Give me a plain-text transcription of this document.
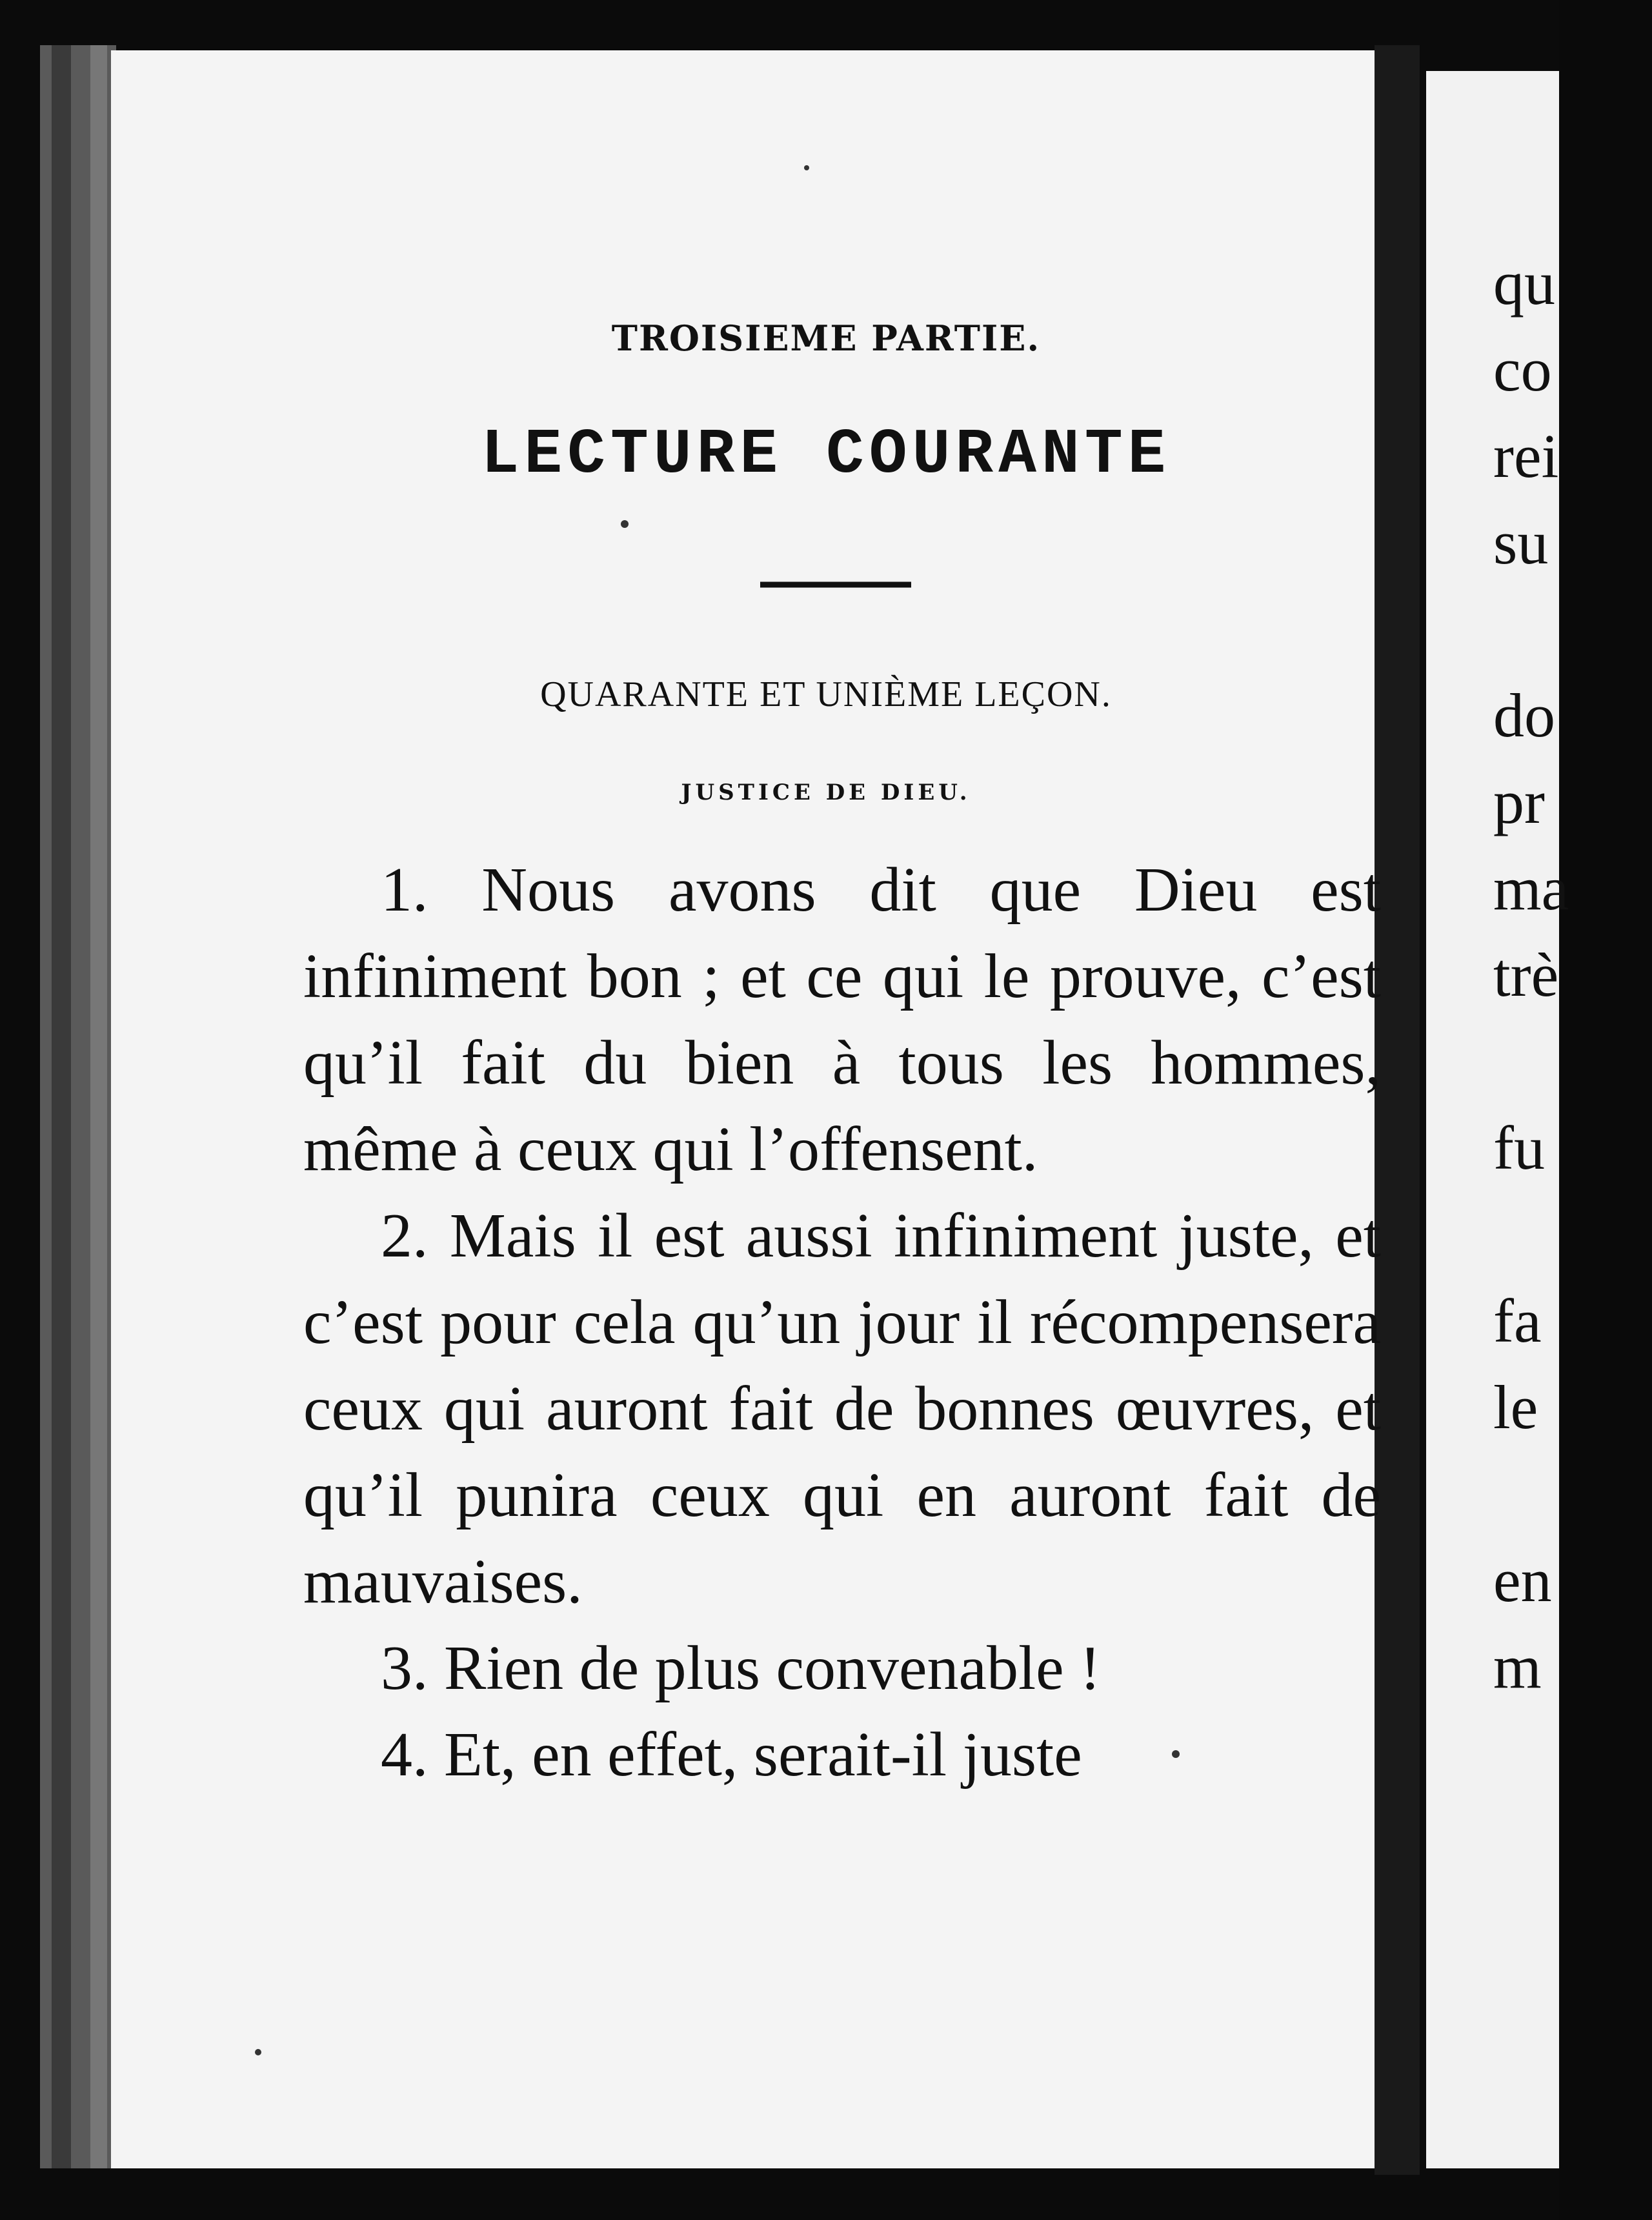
TROISIEME PARTIE.
LECTURE COURANTE
QUARANTE ET UNIÈME LEÇON.
JUSTICE DE DIEU.

1. Nous avons dit que Dieu est infiniment bon ; et ce qui le prouve, c’est qu’il fait du bien à tous les hommes, même à ceux qui l’offensent.

2. Mais il est aussi infiniment juste, et c’est pour cela qu’un jour il récompensera ceux qui auront fait de bonnes œuvres, et qu’il punira ceux qui en auront fait de mauvaises.

3. Rien de plus convenable !

4. Et, en effet, serait-il juste

qu
co
rei
su

do
pr
ma
trè

fu

fa
le

en
m
